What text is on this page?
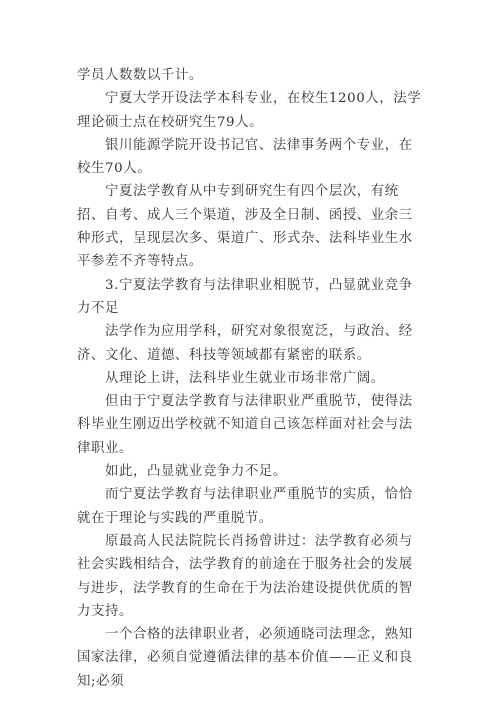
学员人数数以千计。

　　宁夏大学开设法学本科专业，在校生1200人，法学理论硕士点在校研究生79人。

　　银川能源学院开设书记官、法律事务两个专业，在校生70人。

　　宁夏法学教育从中专到研究生有四个层次，有统招、自考、成人三个渠道，涉及全日制、函授、业余三种形式，呈现层次多、渠道广、形式杂、法科毕业生水平参差不齐等特点。

　　3.宁夏法学教育与法律职业相脱节，凸显就业竞争力不足

　　法学作为应用学科，研究对象很宽泛，与政治、经济、文化、道德、科技等领域都有紧密的联系。

　　从理论上讲，法科毕业生就业市场非常广阔。

　　但由于宁夏法学教育与法律职业严重脱节，使得法科毕业生刚迈出学校就不知道自己该怎样面对社会与法律职业。

　　如此，凸显就业竞争力不足。

　　而宁夏法学教育与法律职业严重脱节的实质，恰恰就在于理论与实践的严重脱节。

　　原最高人民法院院长肖扬曾讲过：法学教育必须与社会实践相结合，法学教育的前途在于服务社会的发展与进步，法学教育的生命在于为法治建设提供优质的智力支持。

　　一个合格的法律职业者，必须通晓司法理念，熟知国家法律，必须自觉遵循法律的基本价值——正义和良知;必须
